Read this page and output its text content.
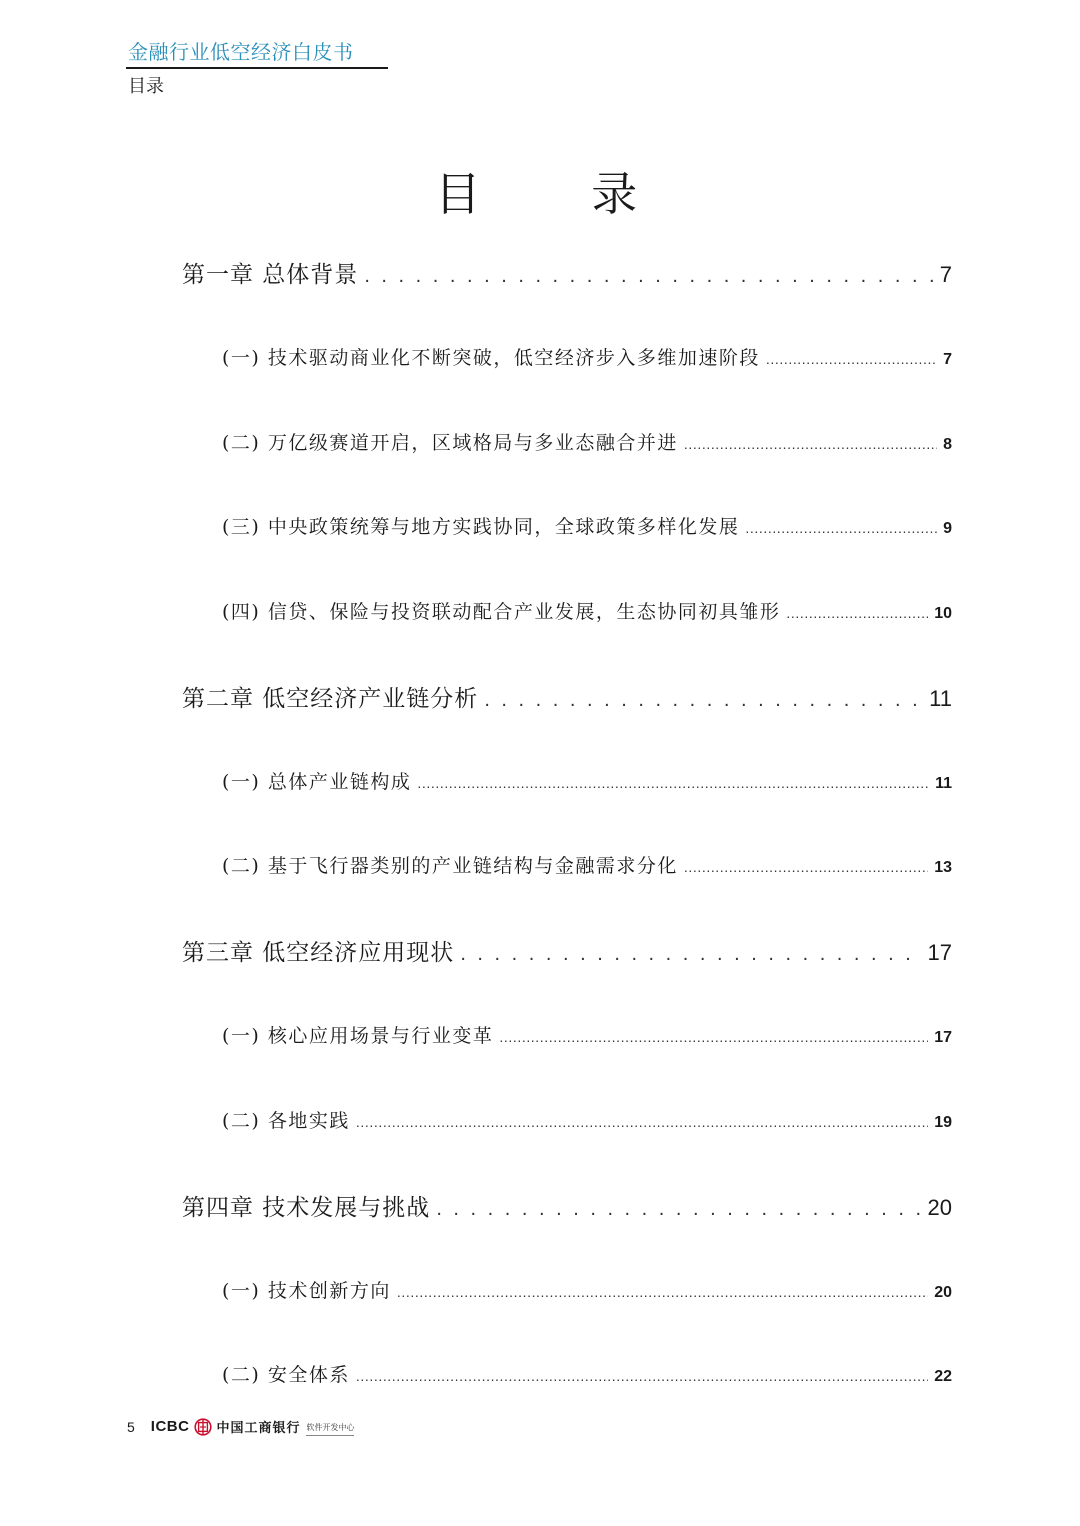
金融行业低空经济白皮书
目录
目 录
第一章 总体背景 . . .	7
(一) 技术驱动商业化不断突破，低空经济步入多维加速阶段 .....	7
(二) 万亿级赛道开启，区域格局与多业态融合并进 .....	8
(三) 中央政策统筹与地方实践协同，全球政策多样化发展 .....	9
(四) 信贷、保险与投资联动配合产业发展，生态协同初具雏形 .....	10
第二章 低空经济产业链分析 . . .	11
(一) 总体产业链构成 .....	11
(二) 基于飞行器类别的产业链结构与金融需求分化 .....	13
第三章 低空经济应用现状 . . .	17
(一) 核心应用场景与行业变革 .....	17
(二) 各地实践 .....	19
第四章 技术发展与挑战 . . .	20
(一) 技术创新方向 .....	20
(二) 安全体系 .....	22
5 ICBC 中国工商银行 软件开发中心
